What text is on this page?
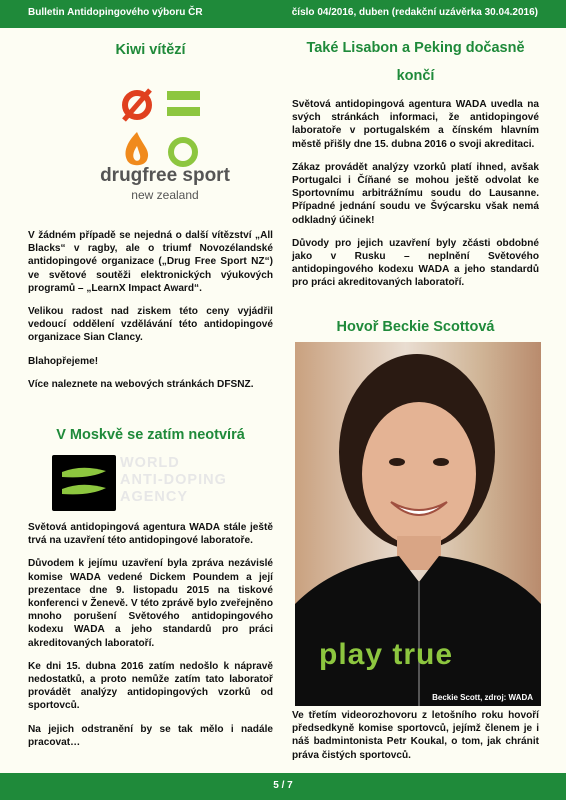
Bulletin Antidopingového výboru ČR	číslo 04/2016, duben (redakční uzávěrka 30.04.2016)
Kiwi vítězí
drugfree sport
new zealand

V žádném případě se nejedná o další vítězství „All Blacks“ v ragby, ale o triumf Novozélandské antidopingové organizace („Drug Free Sport NZ“) ve světové soutěži elektronických výukových programů – „LearnX Impact Award“.

Velikou radost nad ziskem této ceny vyjádřil vedoucí oddělení vzdělávání této antidopingové organizace Sian Clancy.

Blahopřejeme!

Více naleznete na webových stránkách DFSNZ.

V Moskvě se zatím neotvírá
WORLD
ANTI-DOPING
AGENCY

Světová antidopingová agentura WADA stále ještě trvá na uzavření této antidopingové laboratoře.

Důvodem k jejímu uzavření byla zpráva nezávislé komise WADA vedené Dickem Poundem a její prezentace dne 9. listopadu 2015 na tiskové konferenci v Ženevě. V této zprávě bylo zveřejněno mnoho porušení Světového antidopingového kodexu WADA a jeho standardů pro práci akreditovaných laboratoří.

Ke dni 15. dubna 2016 zatím nedošlo k nápravě nedostatků, a proto nemůže zatím tato laboratoř provádět analýzy antidopingových vzorků od sportovců.

Na jejich odstranění by se tak mělo i nadále pracovat…

Také Lisabon a Peking dočasně
končí

Světová antidopingová agentura WADA uvedla na svých stránkách informaci, že antidopingové laboratoře v portugalském a čínském hlavním městě přišly dne 15. dubna 2016 o svoji akreditaci.

Zákaz provádět analýzy vzorků platí ihned, avšak Portugalci i Číňané se mohou ještě odvolat ke Sportovnímu arbitrážnímu soudu do Lausanne. Případné jednání soudu ve Švýcarsku však nemá odkladný účinek!

Důvody pro jejich uzavření byly zčásti obdobné jako v Rusku – neplnění Světového antidopingového kodexu WADA a jeho standardů pro práci akreditovaných laboratoří.

Hovoř Beckie Scottová
play true
Beckie Scott, zdroj: WADA

Ve třetím videorozhovoru z letošního roku hovoří předsedkyně komise sportovců, jejímž členem je i náš badmintonista Petr Koukal, o tom, jak chránit práva čistých sportovců.

5 / 7
